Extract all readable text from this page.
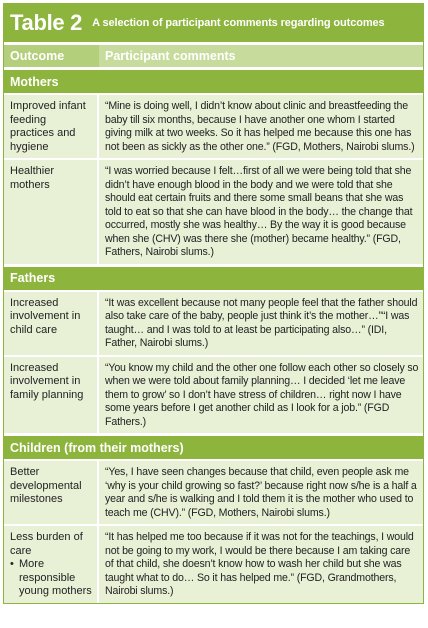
Table 2 A selection of participant comments regarding outcomes
Outcome	Participant comments
Mothers
Improved infant feeding practices and hygiene
“Mine is doing well, I didn’t know about clinic and breastfeeding the baby till six months, because I have another one whom I started giving milk at two weeks. So it has helped me because this one has not been as sickly as the other one.” (FGD, Mothers, Nairobi slums.)
Healthier mothers
“I was worried because I felt…first of all we were being told that she didn’t have enough blood in the body and we were told that she should eat certain fruits and there some small beans that she was told to eat so that she can have blood in the body… the change that occurred, mostly she was healthy… By the way it is good because when she (CHV) was there she (mother) became healthy.” (FGD, Fathers, Nairobi slums.)
Fathers
Increased involvement in child care
“It was excellent because not many people feel that the father should also take care of the baby, people just think it’s the mother…”“I was taught… and I was told to at least be participating also…” (IDI, Father, Nairobi slums.)
Increased involvement in family planning
“You know my child and the other one follow each other so closely so when we were told about family planning… I decided ‘let me leave them to grow’ so I don’t have stress of children… right now I have some years before I get another child as I look for a job.” (FGD Fathers.)
Children (from their mothers)
Better developmental milestones
“Yes, I have seen changes because that child, even people ask me ‘why is your child growing so fast?’ because right now s/he is a half a year and s/he is walking and I told them it is the mother who used to teach me (CHV).” (FGD, Mothers, Nairobi slums.)
Less burden of care
• More responsible young mothers
“It has helped me too because if it was not for the teachings, I would not be going to my work, I would be there because I am taking care of that child, she doesn’t know how to wash her child but she was taught what to do… So it has helped me.” (FGD, Grandmothers, Nairobi slums.)
